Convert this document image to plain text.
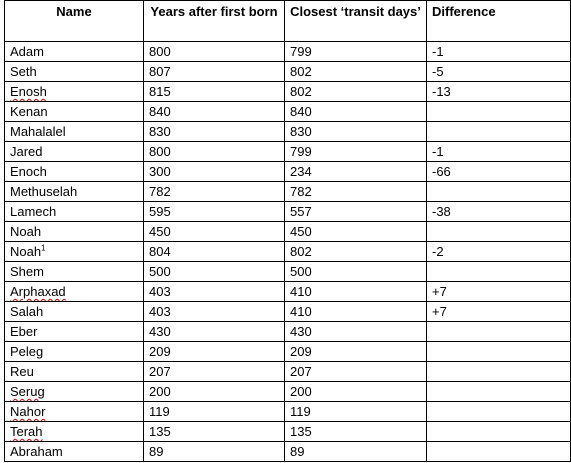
Name	Years after first born	Closest ‘transit days’	Difference
Adam	800	799	-1
Seth	807	802	-5
Enosh	815	802	-13
Kenan	840	840	
Mahalalel	830	830	
Jared	800	799	-1
Enoch	300	234	-66
Methuselah	782	782	
Lamech	595	557	-38
Noah	450	450	
Noah$^1$	804	802	-2
Shem	500	500	
Arphaxad	403	410	+7
Salah	403	410	+7
Eber	430	430	
Peleg	209	209	
Reu	207	207	
Serug	200	200	
Nahor	119	119	
Terah	135	135	
Abraham	89	89	
